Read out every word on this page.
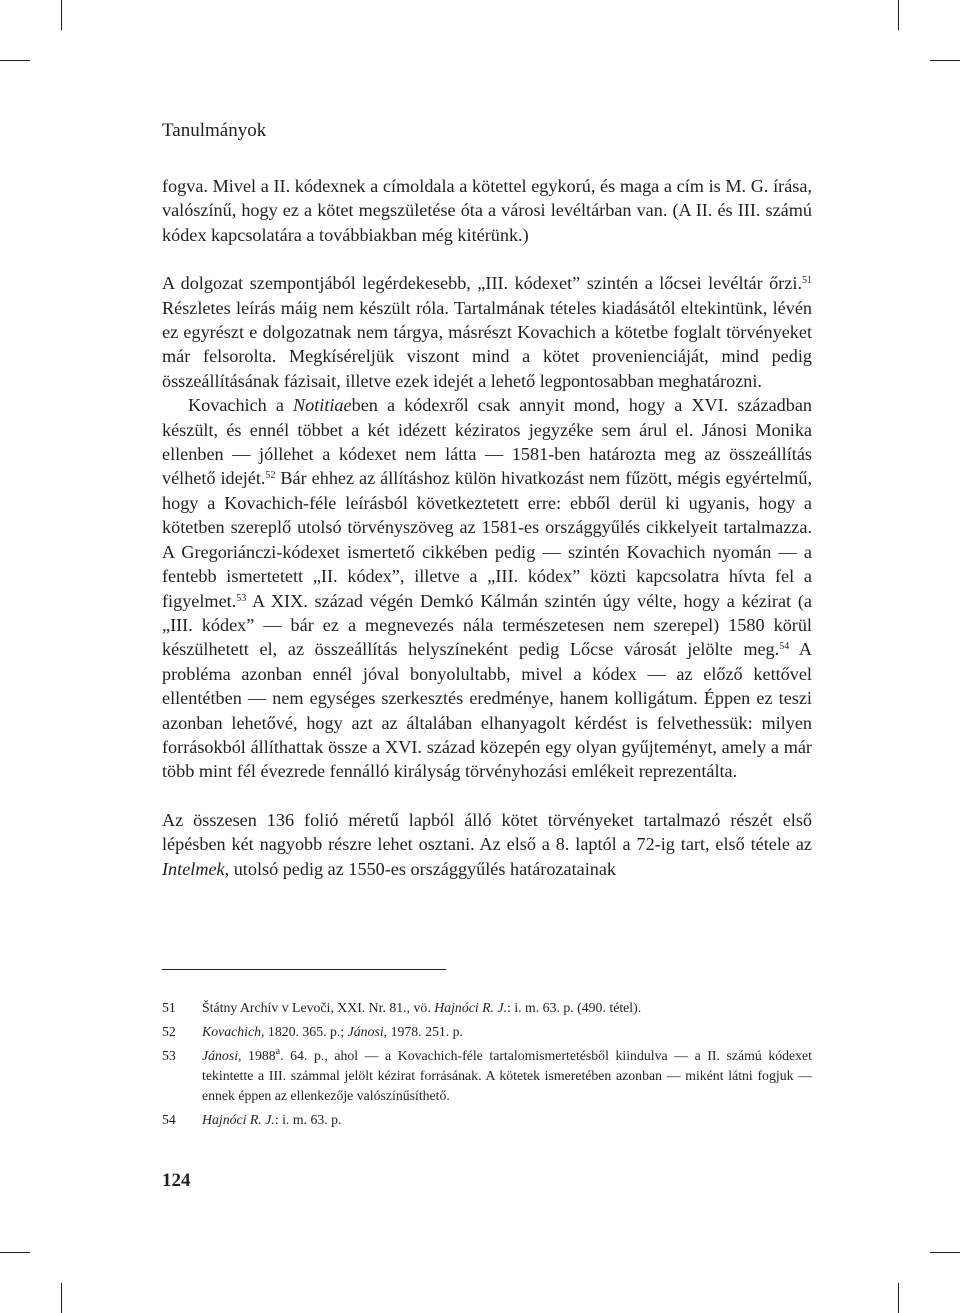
Tanulmányok

fogva. Mivel a II. kódexnek a címoldala a kötettel egykorú, és maga a cím is M. G. írása, valószínű, hogy ez a kötet megszületése óta a városi levéltárban van. (A II. és III. számú kódex kapcsolatára a továbbiakban még kitérünk.)

A dolgozat szempontjából legérdekesebb, „III. kódexet” szintén a lőcsei levéltár őrzi.$^{51}$ Részletes leírás máig nem készült róla. Tartalmának tételes kiadásától eltekintünk, lévén ez egyrészt e dolgozatnak nem tárgya, másrészt Kovachich a kötetbe foglalt törvényeket már felsorolta. Megkíséreljük viszont mind a kötet provenienciáját, mind pedig összeállításának fázisait, illetve ezek idejét a lehető legpontosabban meghatározni.

Kovachich a Notitiaeben a kódexről csak annyit mond, hogy a XVI. században készült, és ennél többet a két idézett kéziratos jegyzéke sem árul el. Jánosi Monika ellenben — jóllehet a kódexet nem látta — 1581-ben határozta meg az összeállítás vélhető idejét.$^{52}$ Bár ehhez az állításhoz külön hivatkozást nem fűzött, mégis egyértelmű, hogy a Kovachich-féle leírásból következtetett erre: ebből derül ki ugyanis, hogy a kötetben szereplő utolsó törvényszöveg az 1581-es országgyűlés cikkelyeit tartalmazza. A Gregoriánczi-kódexet ismertető cikkében pedig — szintén Kovachich nyomán — a fentebb ismertetett „II. kódex”, illetve a „III. kódex” közti kapcsolatra hívta fel a figyelmet.$^{53}$ A XIX. század végén Demkó Kálmán szintén úgy vélte, hogy a kézirat (a „III. kódex” — bár ez a megnevezés nála természetesen nem szerepel) 1580 körül készülhetett el, az összeállítás helyszíneként pedig Lőcse városát jelölte meg.$^{54}$ A probléma azonban ennél jóval bonyolultabb, mivel a kódex — az előző kettővel ellentétben — nem egységes szerkesztés eredménye, hanem kolligátum. Éppen ez teszi azonban lehetővé, hogy azt az általában elhanyagolt kérdést is felvethessük: milyen forrásokból állíthattak össze a XVI. század közepén egy olyan gyűjteményt, amely a már több mint fél évezrede fennálló királyság törvényhozási emlékeit reprezentálta.

Az összesen 136 folió méretű lapból álló kötet törvényeket tartalmazó részét első lépésben két nagyobb részre lehet osztani. Az első a 8. laptól a 72-ig tart, első tétele az Intelmek, utolsó pedig az 1550-es országgyűlés határozatainak

51 Štátny Archív v Levoči, XXI. Nr. 81., vö. Hajnóci R. J.: i. m. 63. p. (490. tétel).
52 Kovachich, 1820. 365. p.; Jánosi, 1978. 251. p.
53 Jánosi, 1988$^a$. 64. p., ahol — a Kovachich-féle tartalomismertetésből kiindulva — a II. számú kódexet tekintette a III. számmal jelölt kézirat forrásának. A kötetek ismeretében azonban — miként látni fogjuk — ennek éppen az ellenkezője valószínűsíthető.
54 Hajnóci R. J.: i. m. 63. p.
124
